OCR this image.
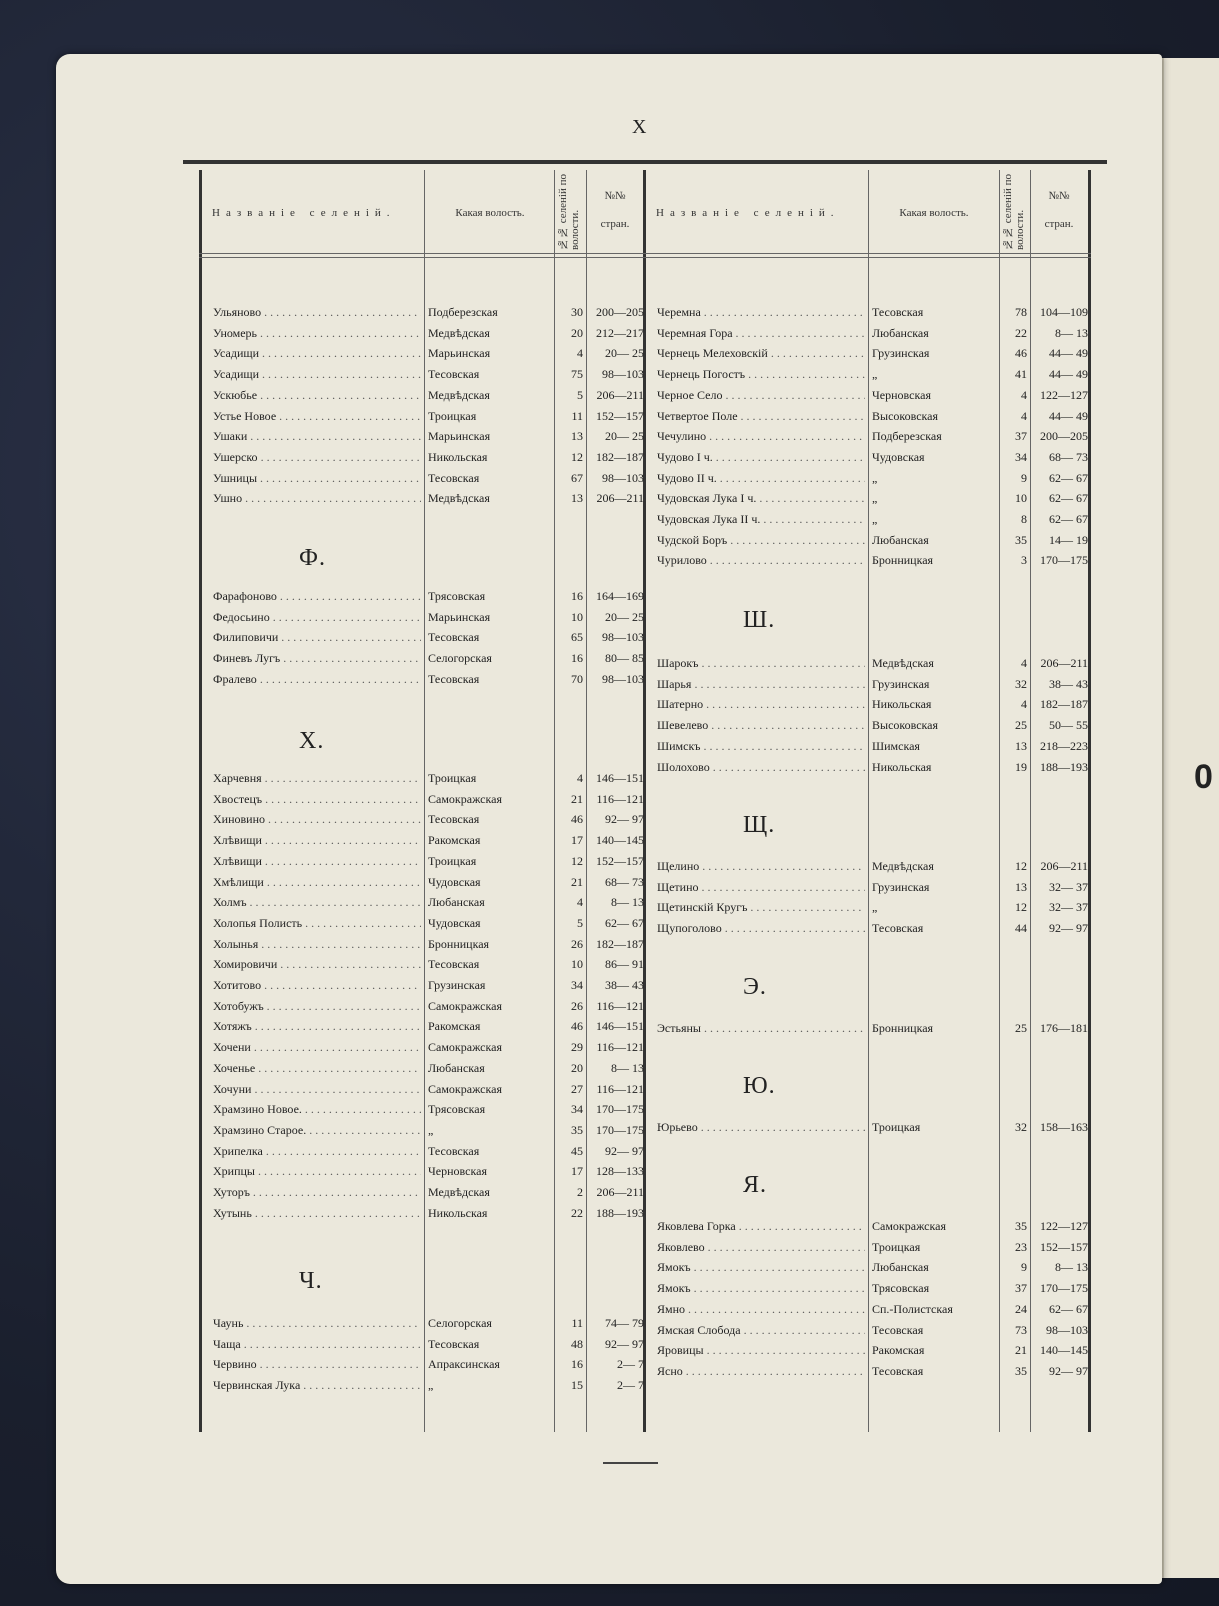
0
X
Названіе селеній.	Какая волость.	№№ селеній по волости.
№№
стран.
Названіе селеній.	Какая волость.	№№ селеній по волости.
№№
стран.
Ульяново . . .	Подберезская	30	200—205
Уномерь . . .	Медвѣдская	20	212—217
Усадищи . . .	Марьинская	4	20— 25
Усадищи . . .	Тесовская	75	98—103
Ускюбье . . .	Медвѣдская	5	206—211
Устье Новое . . .	Троицкая	11	152—157
Ушаки . . .	Марьинская	13	20— 25
Ушерско . . .	Никольская	12	182—187
Ушницы . . .	Тесовская	67	98—103
Ушно . . .	Медвѣдская	13	206—211
Ф.
Фарафоново . . .	Трясовская	16	164—169
Федосьино . . .	Марьинская	10	20— 25
Филиповичи . . .	Тесовская	65	98—103
Финевъ Лугъ . . .	Селогорская	16	80— 85
Фралево . . .	Тесовская	70	98—103
Х.
Харчевня . . .	Троицкая	4	146—151
Хвостецъ . . .	Самокражская	21	116—121
Хиновино . . .	Тесовская	46	92— 97
Хлѣвищи . . .	Ракомская	17	140—145
Хлѣвищи . . .	Троицкая	12	152—157
Хмѣлищи . . .	Чудовская	21	68— 73
Холмъ . . .	Любанская	4	8— 13
Холопья Полисть . . .	Чудовская	5	62— 67
Холынья . . .	Бронницкая	26	182—187
Хомировичи . . .	Тесовская	10	86— 91
Хотитово . . .	Грузинская	34	38— 43
Хотобужъ . . .	Самокражская	26	116—121
Хотяжъ . . .	Ракомская	46	146—151
Хочени . . .	Самокражская	29	116—121
Хоченье . . .	Любанская	20	8— 13
Хочуни . . .	Самокражская	27	116—121
Храмзино Новое. . . .	Трясовская	34	170—175
Храмзино Старое. . . .	„	35	170—175
Хрипелка . . .	Тесовская	45	92— 97
Хрипцы . . .	Черновская	17	128—133
Хуторъ . . .	Медвѣдская	2	206—211
Хутынь . . .	Никольская	22	188—193
Ч.
Чаунь . . .	Селогорская	11	74— 79
Чаща . . .	Тесовская	48	92— 97
Червино . . .	Апраксинская	16	2— 7
Червинская Лука . . .	„	15	2— 7
Черемна . . .	Тесовская	78	104—109
Черемная Гора . . .	Любанская	22	8— 13
Чернець Мелеховскій . . .	Грузинская	46	44— 49
Чернець Погостъ . . .	„	41	44— 49
Черное Село . . .	Черновская	4	122—127
Четвертое Поле . . .	Высоковская	4	44— 49
Чечулино . . .	Подберезская	37	200—205
Чудово I ч. . . .	Чудовская	34	68— 73
Чудово II ч. . . .	„	9	62— 67
Чудовская Лука I ч. . . .	„	10	62— 67
Чудовская Лука II ч. . . .	„	8	62— 67
Чудской Боръ . . .	Любанская	35	14— 19
Чурилово . . .	Бронницкая	3	170—175
Ш.
Шарокъ . . .	Медвѣдская	4	206—211
Шарья . . .	Грузинская	32	38— 43
Шатерно . . .	Никольская	4	182—187
Шевелево . . .	Высоковская	25	50— 55
Шимскъ . . .	Шимская	13	218—223
Шолохово . . .	Никольская	19	188—193
Щ.
Щелино . . .	Медвѣдская	12	206—211
Щетино . . .	Грузинская	13	32— 37
Щетинскій Кругъ . . .	„	12	32— 37
Щупоголово . . .	Тесовская	44	92— 97
Э.
Эстьяны . . .	Бронницкая	25	176—181
Ю.
Юрьево . . .	Троицкая	32	158—163
Я.
Яковлева Горка . . .	Самокражская	35	122—127
Яковлево . . .	Троицкая	23	152—157
Ямокъ . . .	Любанская	9	8— 13
Ямокъ . . .	Трясовская	37	170—175
Ямно . . .	Сп.-Полистская	24	62— 67
Ямская Слобода . . .	Тесовская	73	98—103
Яровицы . . .	Ракомская	21	140—145
Ясно . . .	Тесовская	35	92— 97
